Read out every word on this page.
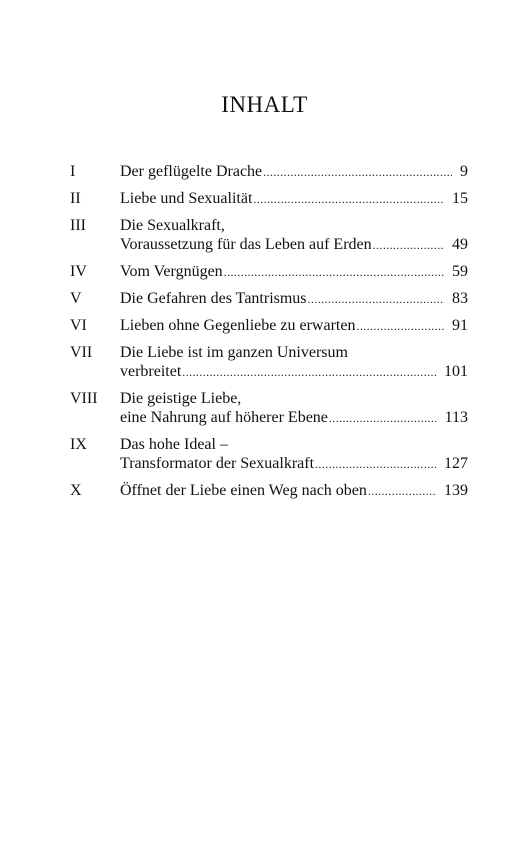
INHALT
I	Der geflügelte Drache .....	9
II	Liebe und Sexualität .....	15
III	Die Sexualkraft,
Voraussetzung für das Leben auf Erden .....	49
IV	Vom Vergnügen .....	59
V	Die Gefahren des Tantrismus .....	83
VI	Lieben ohne Gegenliebe zu erwarten .....	91
VII	Die Liebe ist im ganzen Universum
verbreitet .....	101
VIII	Die geistige Liebe,
eine Nahrung auf höherer Ebene .....	113
IX	Das hohe Ideal –
Transformator der Sexualkraft .....	127
X	Öffnet der Liebe einen Weg nach oben .....	139
